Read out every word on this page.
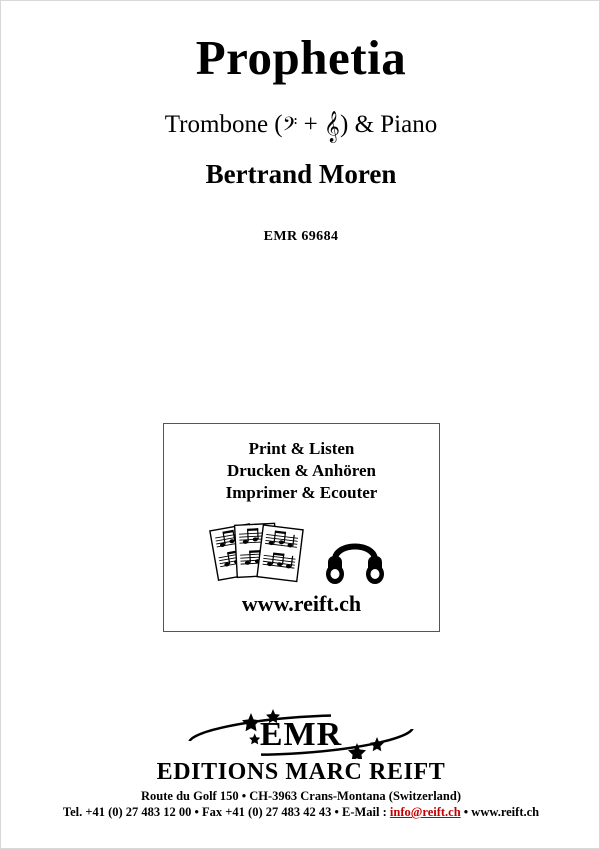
Prophetia
Trombone (𝄢 + 𝄞) & Piano
Bertrand Moren
EMR 69684
Print & Listen
Drucken & Anhören
Imprimer & Ecouter
www.reift.ch
EMR
EDITIONS MARC REIFT
Route du Golf 150 • CH-3963 Crans-Montana (Switzerland)
Tel. +41 (0) 27 483 12 00 • Fax +41 (0) 27 483 42 43 • E-Mail : info@reift.ch • www.reift.ch
